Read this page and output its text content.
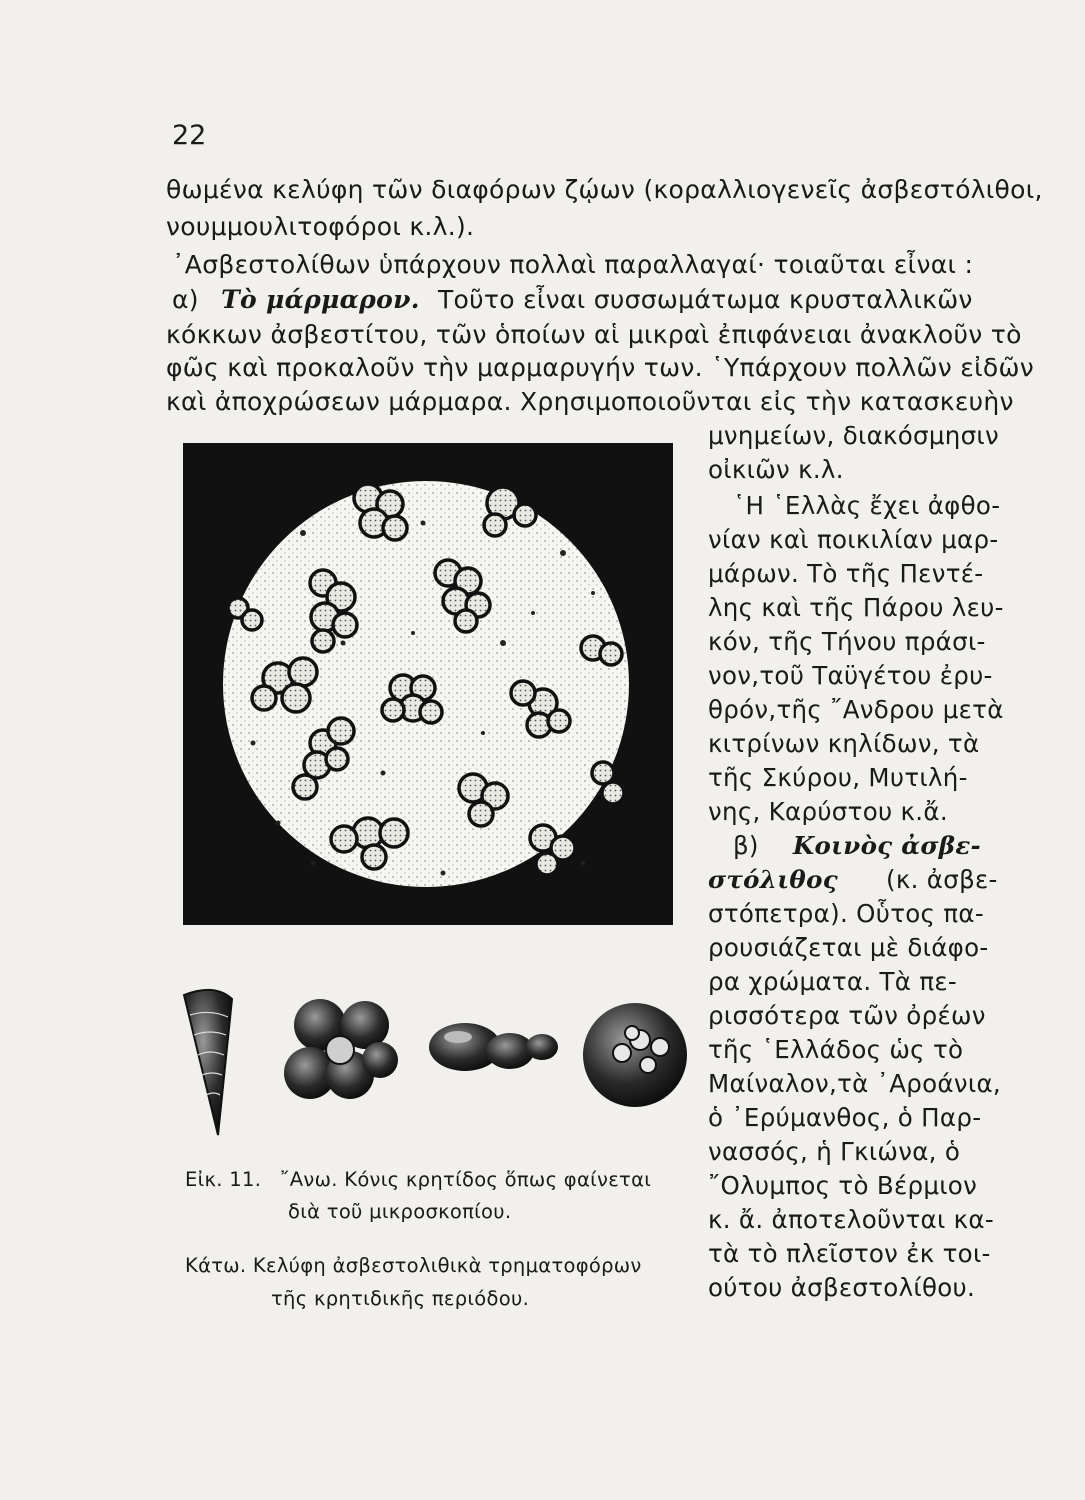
22
θωμένα κελύφη τῶν διαφόρων ζῴων (κοραλλιογενεῖς ἀσβεστόλιθοι,
νουμμουλιτοφόροι κ.λ.).
᾿Ασβεστολίθων ὑπάρχουν πολλαὶ παραλλαγαί· τοιαῦται εἶναι :
α) Τὸ μάρμαρον. Τοῦτο εἶναι συσσωμάτωμα κρυσταλλικῶν
κόκκων ἀσβεστίτου, τῶν ὁποίων αἱ μικραὶ ἐπιφάνειαι ἀνακλοῦν τὸ
φῶς καὶ προκαλοῦν τὴν μαρμαρυγήν των. ῾Υπάρχουν πολλῶν εἰδῶν
καὶ ἀποχρώσεων μάρμαρα. Χρησιμοποιοῦνται εἰς τὴν κατασκευὴν
μνημείων, διακόσμησιν
οἰκιῶν κ.λ.
῾Η ῾Ελλὰς ἔχει ἀφθο-
νίαν καὶ ποικιλίαν μαρ-
μάρων. Τὸ τῆς Πεντέ-
λης καὶ τῆς Πάρου λευ-
κόν, τῆς Τήνου πράσι-
νον,τοῦ Ταϋγέτου ἐρυ-
θρόν,τῆς ῎Ανδρου μετὰ
κιτρίνων κηλίδων, τὰ
τῆς Σκύρου, Μυτιλή-
νης, Καρύστου κ.ἄ.
β) Κοινὸς ἀσβε-
στόλιθος (κ. ἀσβε-
στόπετρα). Οὗτος πα-
ρουσιάζεται μὲ διάφο-
ρα χρώματα. Τὰ πε-
ρισσότερα τῶν ὀρέων
τῆς ῾Ελλάδος ὡς τὸ
Μαίναλον,τὰ ᾿Αροάνια,
ὁ ᾿Ερύμανθος, ὁ Παρ-
νασσός, ἡ Γκιώνα, ὁ
῎Ολυμπος τὸ Βέρμιον
κ. ἄ. ἀποτελοῦνται κα-
τὰ τὸ πλεῖστον ἐκ τοι-
ούτου ἀσβεστολίθου.
Εἰκ. 11. ῎Ανω. Κόνις κρητίδος ὅπως φαίνεται
διὰ τοῦ μικροσκοπίου.
Κάτω. Κελύφη ἀσβεστολιθικὰ τρηματοφόρων
τῆς κρητιδικῆς περιόδου.
